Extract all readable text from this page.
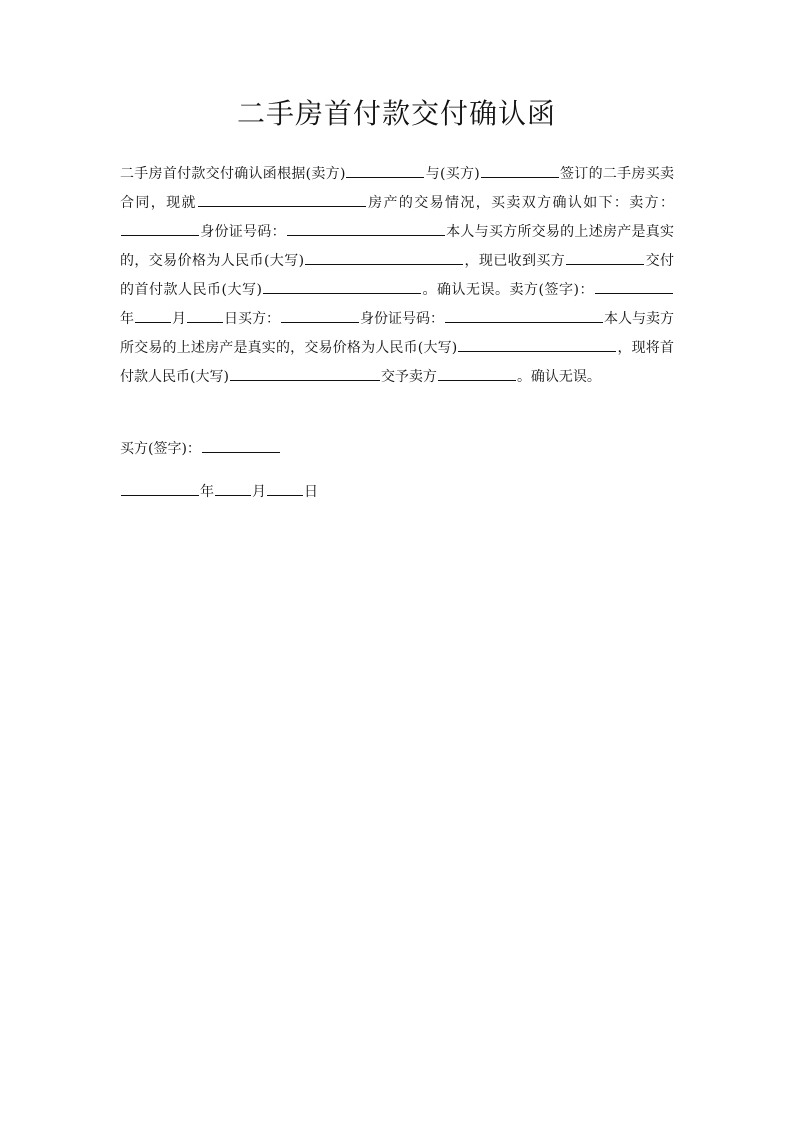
二手房首付款交付确认函

二手房首付款交付确认函根据(卖方)	与(买方)	签订的二手房买卖合同，现就	房产的交易情况，买卖双方确认如下：卖方：身份证号码：	本人与买方所交易的上述房产是真实的，交易价格为人民币(大写)	，现已收到买方	交付的首付款人民币(大写)	。确认无误。卖方(签字)：年	月	日买方：	身份证号码：	本人与卖方所交易的上述房产是真实的，交易价格为人民币(大写)	，现将首付款人民币(大写)	交予卖方	。确认无误。

买方(签字)：

年	月	日
